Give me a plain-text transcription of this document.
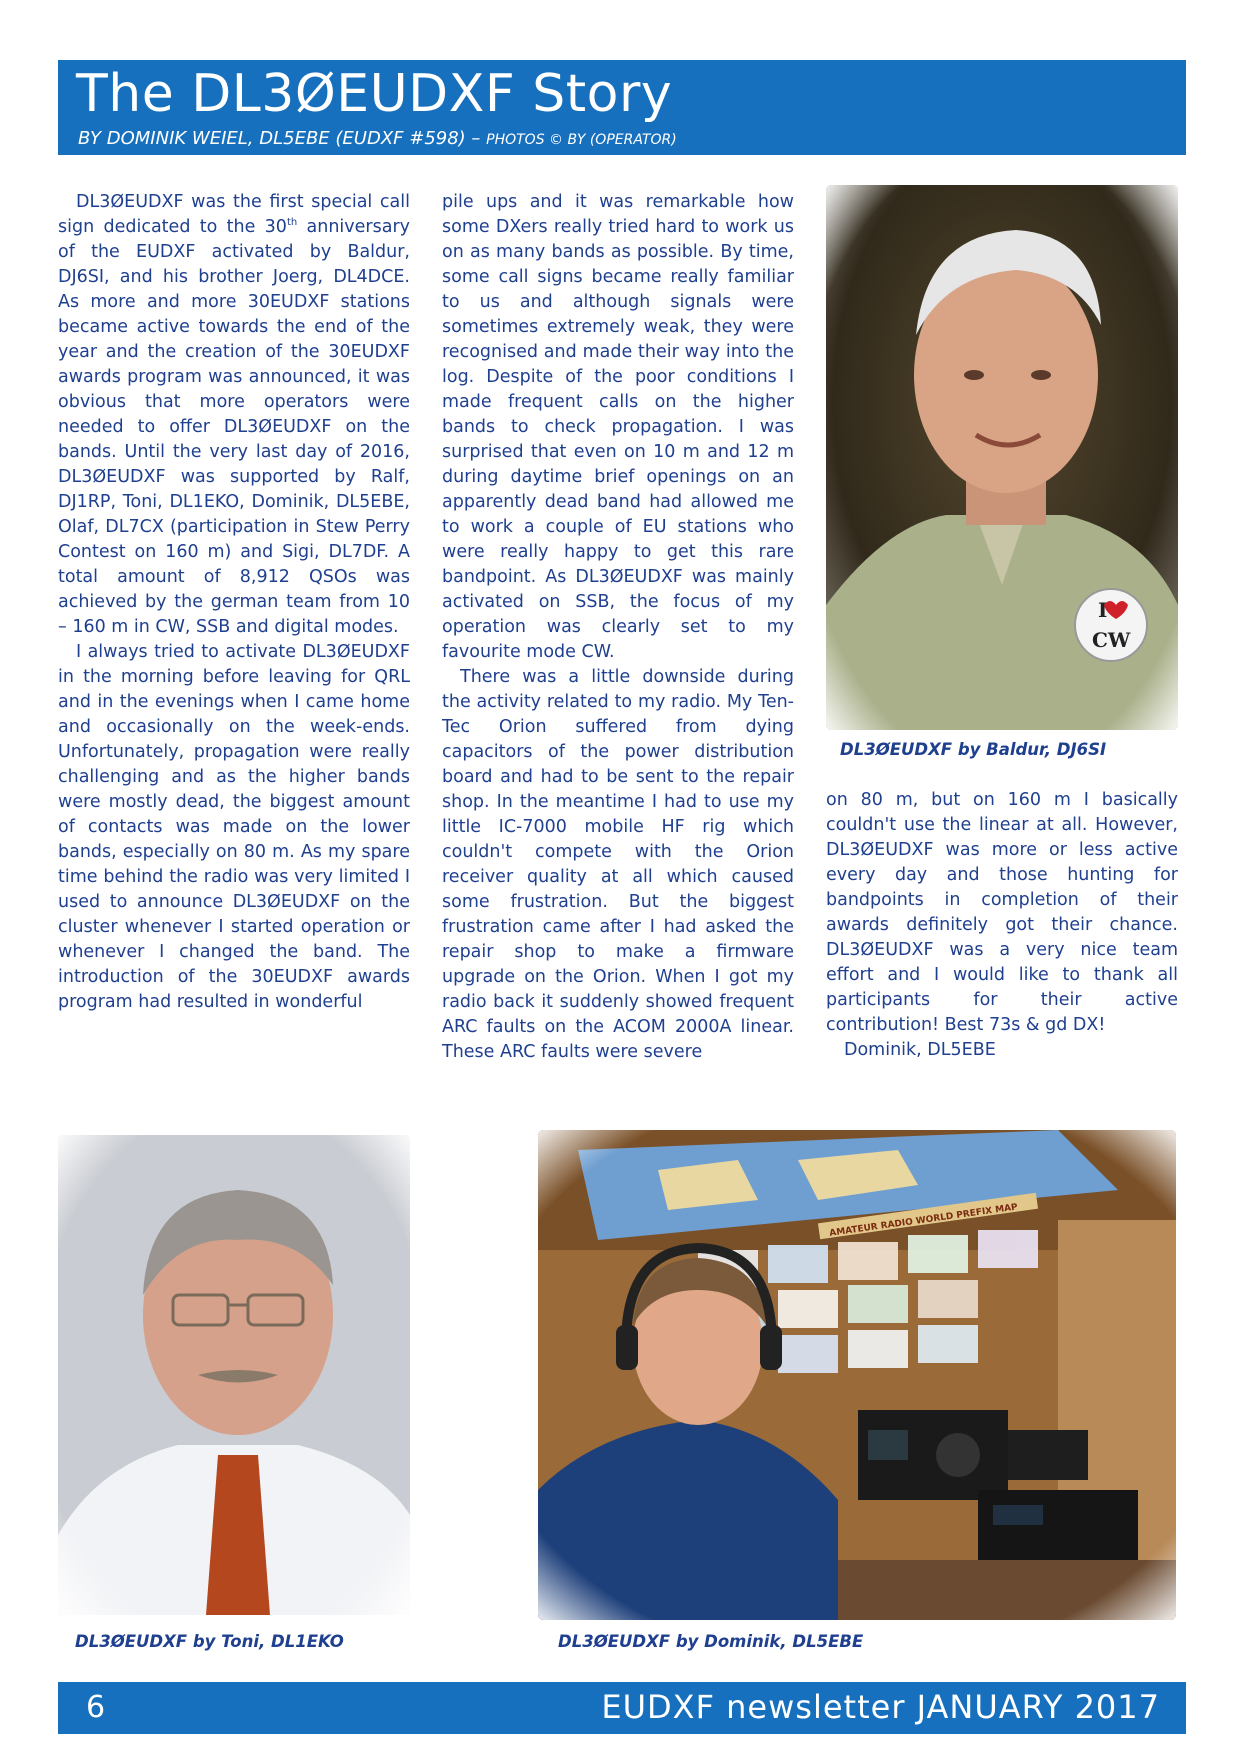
The DL3ØEUDXF Story
BY DOMINIK WEIEL, DL5EBE (EUDXF #598) – PHOTOS © BY (OPERATOR)

DL3ØEUDXF was the first special call sign dedicated to the 30th anniversary of the EUDXF activated by Baldur, DJ6SI, and his brother Joerg, DL4DCE. As more and more 30EUDXF stations became active towards the end of the year and the creation of the 30EUDXF awards program was announced, it was obvious that more operators were needed to offer DL3ØEUDXF on the bands. Until the very last day of 2016, DL3ØEUDXF was supported by Ralf, DJ1RP, Toni, DL1EKO, Dominik, DL5EBE, Olaf, DL7CX (participation in Stew Perry Contest on 160 m) and Sigi, DL7DF. A total amount of 8,912 QSOs was achieved by the german team from 10 – 160 m in CW, SSB and digital modes.

I always tried to activate DL3ØEUDXF in the morning before leaving for QRL and in the evenings when I came home and occasionally on the week-ends. Unfortunately, propagation were really challenging and as the higher bands were mostly dead, the biggest amount of contacts was made on the lower bands, especially on 80 m. As my spare time behind the radio was very limited I used to announce DL3ØEUDXF on the cluster whenever I started operation or whenever I changed the band. The introduction of the 30EUDXF awards program had resulted in wonderful

pile ups and it was remarkable how some DXers really tried hard to work us on as many bands as possible. By time, some call signs became really familiar to us and although signals were sometimes extremely weak, they were recognised and made their way into the log. Despite of the poor conditions I made frequent calls on the higher bands to check propagation. I was surprised that even on 10 m and 12 m during daytime brief openings on an apparently dead band had allowed me to work a couple of EU stations who were really happy to get this rare bandpoint. As DL3ØEUDXF was mainly activated on SSB, the focus of my operation was clearly set to my favourite mode CW.

There was a little downside during the activity related to my radio. My Ten-Tec Orion suffered from dying capacitors of the power distribution board and had to be sent to the repair shop. In the meantime I had to use my little IC-7000 mobile HF rig which couldn't compete with the Orion receiver quality at all which caused some frustration. But the biggest frustration came after I had asked the repair shop to make a firmware upgrade on the Orion. When I got my radio back it suddenly showed frequent ARC faults on the ACOM 2000A linear. These ARC faults were severe

on 80 m, but on 160 m I basically couldn't use the linear at all. However, DL3ØEUDXF was more or less active every day and those hunting for bandpoints in completion of their awards definitely got their chance. DL3ØEUDXF was a very nice team effort and I would like to thank all participants for their active contribution! Best 73s & gd DX!

Dominik, DL5EBE

DL3ØEUDXF by Baldur, DJ6SI
DL3ØEUDXF by Toni, DL1EKO	DL3ØEUDXF by Dominik, DL5EBE
6	EUDXF newsletter JANUARY 2017
